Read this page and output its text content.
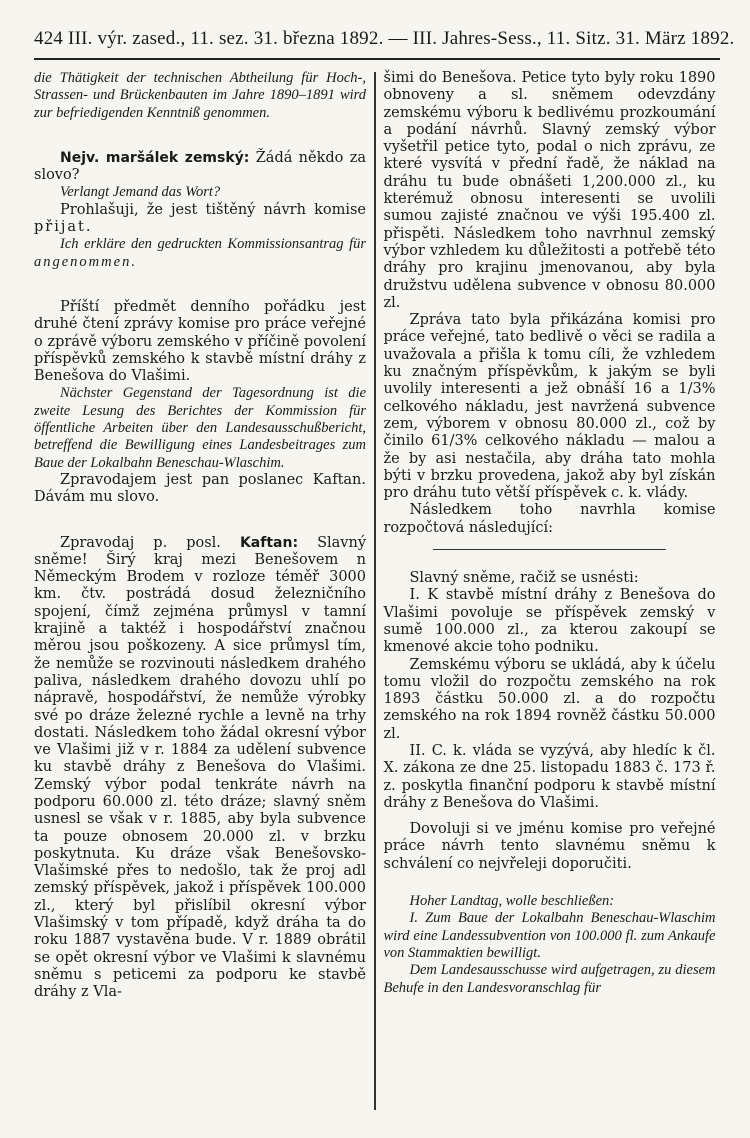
424 III. výr. zased., 11. sez. 31. března 1892. — III. Jahres-Sess., 11. Sitz. 31. März 1892.

die Thätigkeit der technischen Abtheilung für Hoch-, Strassen- und Brückenbauten im Jahre 1890–1891 wird zur befriedigenden Kenntniß genommen.

Nejv. maršálek zemský: Žádá někdo za slovo?

Verlangt Jemand das Wort?

Prohlašuji, že jest tištěný návrh komise přijat.

Ich erkläre den gedruckten Kommissionsantrag für angenommen.

Příští předmět denního pořádku jest druhé čtení zprávy komise pro práce veřejné o zprávě výboru zemského v příčině povolení příspěvků zemského k stavbě místní dráhy z Benešova do Vlašimi.

Nächster Gegenstand der Tagesordnung ist die zweite Lesung des Berichtes der Kommission für öffentliche Arbeiten über den Landesausschußbericht, betreffend die Bewilligung eines Landesbeitrages zum Baue der Lokalbahn Beneschau-Wlaschim.

Zpravodajem jest pan poslanec Kaftan. Dávám mu slovo.

Zpravodaj p. posl. Kaftan: Slavný sněme! Širý kraj mezi Benešovem n Německým Brodem v rozloze téměř 3000 km. čtv. postrádá dosud železničního spojení, čímž zejména průmysl v tamní krajině a taktéž i hospodářství značnou měrou jsou poškozeny. A sice průmysl tím, že nemůže se rozvinouti následkem drahého paliva, následkem drahého dovozu uhlí po nápravě, hospodářství, že nemůže výrobky své po dráze železné rychle a levně na trhy dostati. Následkem toho žádal okresní výbor ve Vlašimi již v r. 1884 za udělení subvence ku stavbě dráhy z Benešova do Vlašimi. Zemský výbor podal tenkráte návrh na podporu 60.000 zl. této dráze; slavný sněm usnesl se však v r. 1885, aby byla subvence ta pouze obnosem 20.000 zl. v brzku poskytnuta. Ku dráze však Benešovsko-Vlašimské přes to nedošlo, tak že proj adl zemský příspěvek, jakož i příspěvek 100.000 zl., který byl přislíbil okresní výbor Vlašimský v tom případě, když dráha ta do roku 1887 vystavěna bude. V r. 1889 obrátil se opět okresní výbor ve Vlašimi k slavnému sněmu s peticemi za podporu ke stavbě dráhy z Vla-

šimi do Benešova. Petice tyto byly roku 1890 obnoveny a sl. sněmem odevzdány zemskému výboru k bedlivému prozkoumání a podání návrhů. Slavný zemský výbor vyšetřil petice tyto, podal o nich zprávu, ze které vysvítá v přední řadě, že náklad na dráhu tu bude obnášeti 1,200.000 zl., ku kterémuž obnosu interesenti se uvolili sumou zajisté značnou ve výši 195.400 zl. přispěti. Následkem toho navrhnul zemský výbor vzhledem ku důležitosti a potřebě této dráhy pro krajinu jmenovanou, aby byla družstvu udělena subvence v obnosu 80.000 zl.

Zpráva tato byla přikázána komisi pro práce veřejné, tato bedlivě o věci se radila a uvažovala a přišla k tomu cíli, že vzhledem ku značným příspěvkům, k jakým se byli uvolily interesenti a jež obnáší 16 a 1/3% celkového nákladu, jest navržená subvence zem, výborem v obnosu 80.000 zl., což by činilo 61/3% celkového nákladu — malou a že by asi nestačila, aby dráha tato mohla býti v brzku provedena, jakož aby byl získán pro dráhu tuto větší příspěvek c. k. vlády.

Následkem toho navrhla komise rozpočtová následující:

Slavný sněme, račiž se usnésti:

I. K stavbě místní dráhy z Benešova do Vlašimi povoluje se příspěvek zemský v sumě 100.000 zl., za kterou zakoupí se kmenové akcie toho podniku.

Zemskému výboru se ukládá, aby k účelu tomu vložil do rozpočtu zemského na rok 1893 částku 50.000 zl. a do rozpočtu zemského na rok 1894 rovněž částku 50.000 zl.

II. C. k. vláda se vyzývá, aby hledíc k čl. X. zákona ze dne 25. listopadu 1883 č. 173 ř. z. poskytla finanční podporu k stavbě místní dráhy z Benešova do Vlašimi.

Dovoluji si ve jménu komise pro veřejné práce návrh tento slavnému sněmu k schválení co nejvřeleji doporučiti.

Hoher Landtag, wolle beschließen:

I. Zum Baue der Lokalbahn Beneschau-Wlaschim wird eine Landessubvention von 100.000 fl. zum Ankaufe von Stammaktien bewilligt.

Dem Landesausschusse wird aufgetragen, zu diesem Behufe in den Landesvoranschlag für
